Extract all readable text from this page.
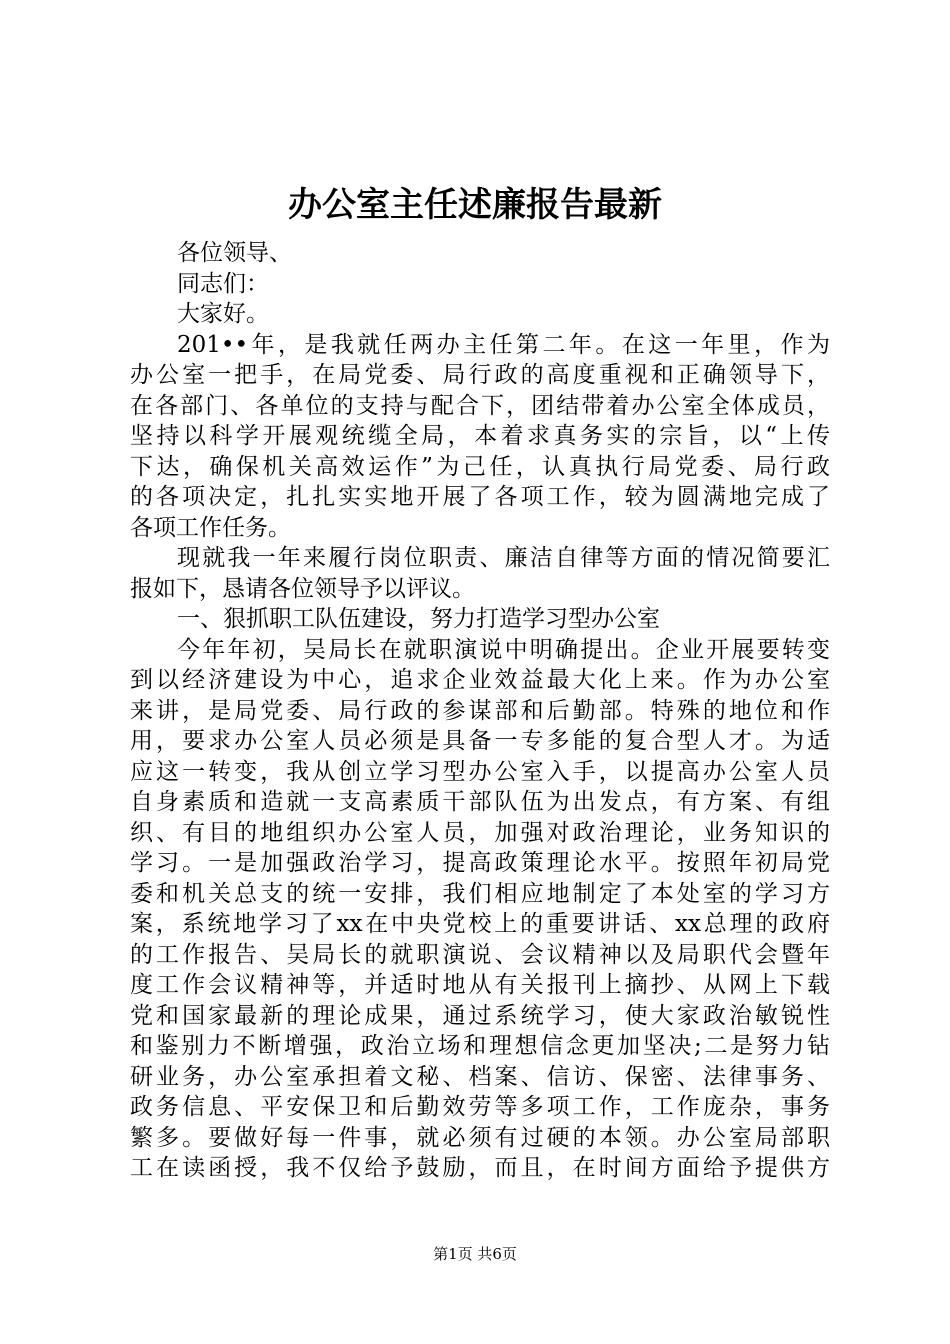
办公室主任述廉报告最新
各位领导、
同志们：
大家好。
201••年，是我就任两办主任第二年。在这一年里，作为
办公室一把手，在局党委、局行政的高度重视和正确领导下，
在各部门、各单位的支持与配合下，团结带着办公室全体成员，
坚持以科学开展观统缆全局，本着求真务实的宗旨，以“上传
下达，确保机关高效运作”为己任，认真执行局党委、局行政
的各项决定，扎扎实实地开展了各项工作，较为圆满地完成了
各项工作任务。
现就我一年来履行岗位职责、廉洁自律等方面的情况简要汇
报如下，恳请各位领导予以评议。
一、狠抓职工队伍建设，努力打造学习型办公室
今年年初，吴局长在就职演说中明确提出。企业开展要转变
到以经济建设为中心，追求企业效益最大化上来。作为办公室
来讲，是局党委、局行政的参谋部和后勤部。特殊的地位和作
用，要求办公室人员必须是具备一专多能的复合型人才。为适
应这一转变，我从创立学习型办公室入手，以提高办公室人员
自身素质和造就一支高素质干部队伍为出发点，有方案、有组
织、有目的地组织办公室人员，加强对政治理论，业务知识的
学习。一是加强政治学习，提高政策理论水平。按照年初局党
委和机关总支的统一安排，我们相应地制定了本处室的学习方
案，系统地学习了xx在中央党校上的重要讲话、xx总理的政府
的工作报告、吴局长的就职演说、会议精神以及局职代会暨年
度工作会议精神等，并适时地从有关报刊上摘抄、从网上下载
党和国家最新的理论成果，通过系统学习，使大家政治敏锐性
和鉴别力不断增强，政治立场和理想信念更加坚决;二是努力钻
研业务，办公室承担着文秘、档案、信访、保密、法律事务、
政务信息、平安保卫和后勤效劳等多项工作，工作庞杂，事务
繁多。要做好每一件事，就必须有过硬的本领。办公室局部职
工在读函授，我不仅给予鼓励，而且，在时间方面给予提供方
第1页 共6页
